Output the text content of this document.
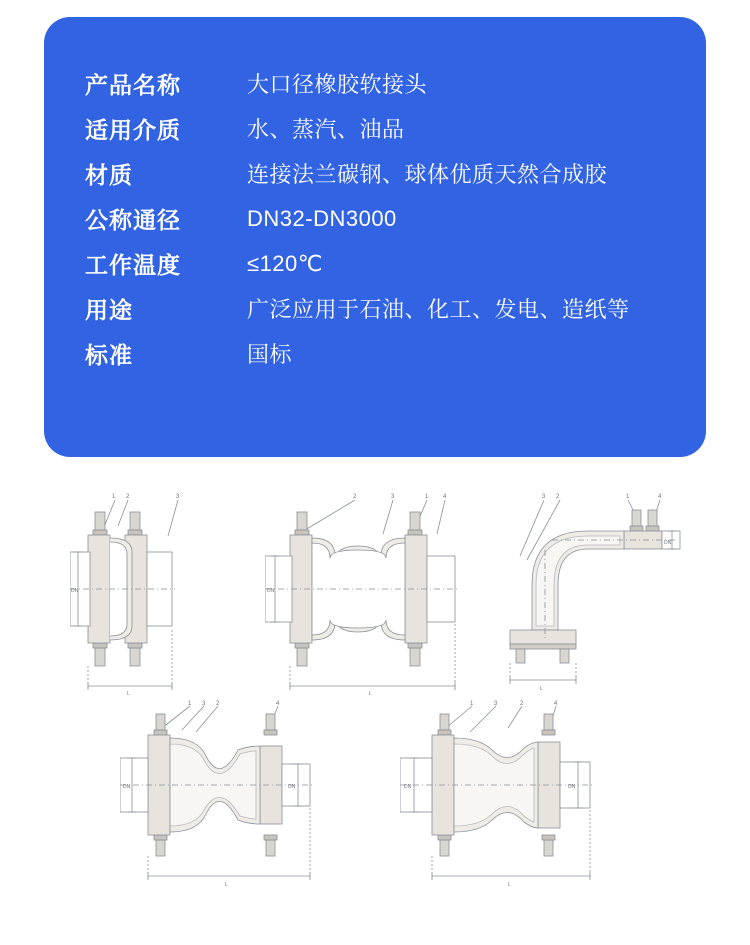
产品名称	大口径橡胶软接头
适用介质	水、蒸汽、油品
材质	连接法兰碳钢、球体优质天然合成胶
公称通径	DN32-DN3000
工作温度	≤120℃
用途	广泛应用于石油、化工、发电、造纸等
标准	国标
1 2	3
DN
L
2	3	1 4
DN
L
3 2	1	4
DN
L
1 3 2	4
DN	DN
L
1	3	2	4
DN	DN
L
